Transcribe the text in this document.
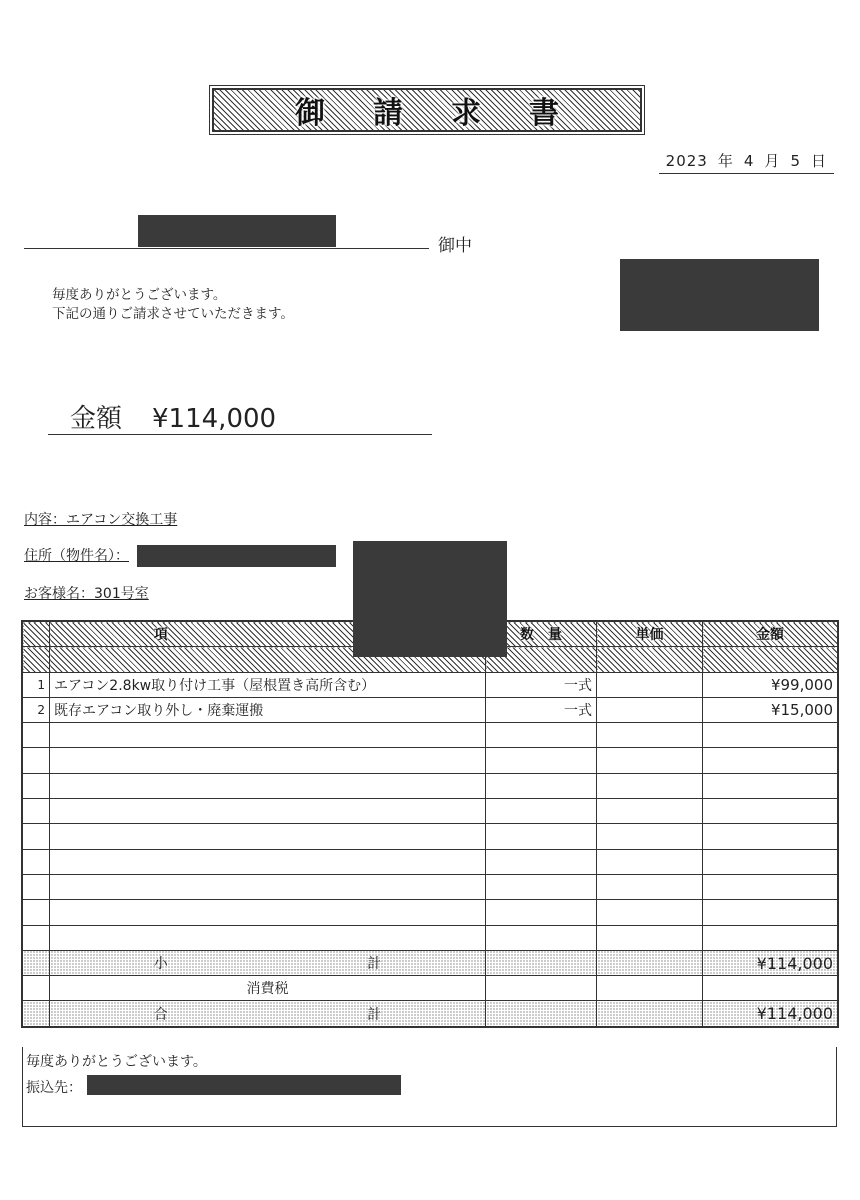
御請求書
2023 年 4 月 5 日
御中
毎度ありがとうございます。
下記の通りご請求させていただきます。
金額 ¥114,000
内容：エアコン交換工事
住所（物件名）：
お客様名：301号室

	項	数　量	単価	金額

1	エアコン2.8kw取り付け工事（屋根置き高所含む）	一式		¥99,000
2	既存エアコン取り外し・廃棄運搬	一式		¥15,000

	小 計			¥114,000
	消費税			

	合 計			¥114,000
毎度ありがとうございます。
振込先：
